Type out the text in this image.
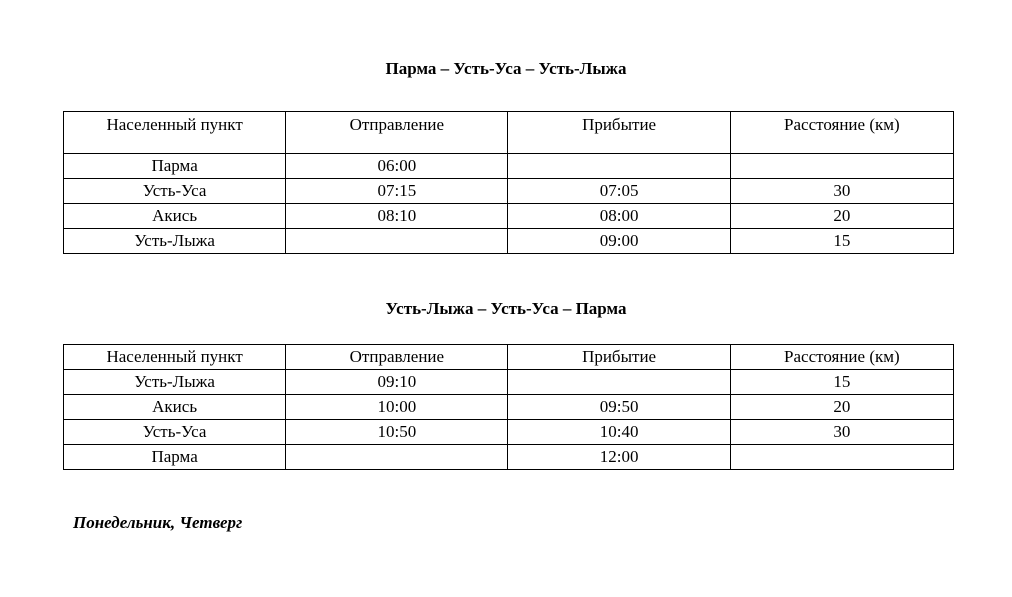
Парма – Усть-Уса – Усть-Лыжа
Населенный пункт	Отправление	Прибытие	Расстояние (км)
Парма	06:00		
Усть-Уса	07:15	07:05	30
Акись	08:10	08:00	20
Усть-Лыжа		09:00	15
Усть-Лыжа – Усть-Уса – Парма
Населенный пункт	Отправление	Прибытие	Расстояние (км)
Усть-Лыжа	09:10		15
Акись	10:00	09:50	20
Усть-Уса	10:50	10:40	30
Парма		12:00	
Понедельник, Четверг
